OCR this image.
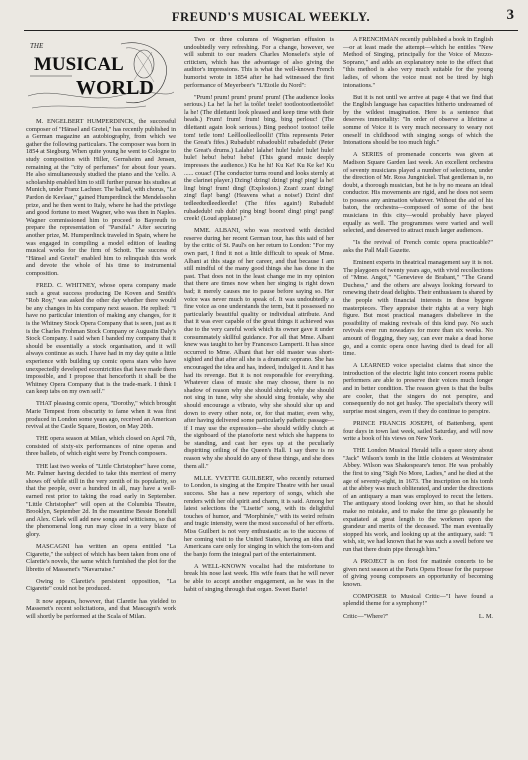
FREUND'S MUSICAL WEEKLY.	3
THE
MUSICAL
WORLD

M. ENGELBERT HUMPERDINCK, the successful composer of "Hänsel and Gretel," has recently published in a German magazine an autobiography, from which we gather the following particulars. The composer was born in 1854 at Siegburg. When quite young he went to Cologne to study composition with Hiller, Gernsheim and Jensen, remaining at the "city of perfumes" for about four years. He also simultaneously studied the piano and the 'cello. A scholarship enabled him to still further pursue his studies at Munich, under Franz Lachner. The ballad, with chorus, "Le Pardon de Kevlaar," gained Humperdinck the Mendelssohn prize, and he then went to Italy, where he had the privilege and good fortune to meet Wagner, who was then in Naples. Wagner commissioned him to proceed to Bayreuth to prepare the representation of "Parsifal." After securing another prize, M. Humperdinck traveled in Spain, where he was engaged in compiling a model edition of leading musical works for the firm of Schott. The success of "Hänsel and Gretel" enabled him to relinquish this work and devote the whole of his time to instrumental composition.

FRED. C. WHITNEY, whose opera company made such a great success producing De Koven and Smith's "Rob Roy," was asked the other day whether there would be any changes in his company next season. He replied: "I have no particular intention of making any changes, for it is the Whitney Stock Opera Company that is seen, just as it is the Charles Frohman Stock Company or Augustin Daly's Stock Company. I said when I banded my company that it should be essentially a stock organisation, and it will always continue as such. I have had in my day quite a little experience with building up comic opera stars who have unexpectedly developed eccentricities that have made them impossible, and I propose that henceforth it shall be the Whitney Opera Company that is the trade-mark. I think I can keep tabs on my own self."

THAT pleasing comic opera, "Dorothy," which brought Marie Tempest from obscurity to fame when it was first produced in London some years ago, received an American revival at the Castle Square, Boston, on May 20th.

THE opera season at Milan, which closed on April 7th, consisted of sixty-six performances of nine operas and three ballets, of which eight were by French composers.

THE last two weeks of "Little Christopher" have come, Mr. Palmer having decided to take this merriest of merry shows off while still in the very zenith of its popularity, so that the people, over a hundred in all, may have a well-earned rest prior to taking the road early in September. "Little Christopher" will open at the Columbia Theatre, Brooklyn, September 2d. In the meantime Bessie Bonehill and Alex. Clark will add new songs and witticisms, so that the phenomenal long run may close in a very blaze of glory.

MASCAGNI has written an opera entitled "La Cigarette," the subject of which has been taken from one of Claretie's novels, the same which furnished the plot for the libretto of Massenet's "Navarraise."

Owing to Claretie's persistent opposition, "La Cigarette" could not be produced.

It now appears, however, that Claretie has yielded to Massenet's recent solicitations, and that Mascagni's work will shortly be performed at the Scala of Milan.

Two or three columns of Wagnerian effusion is undoubtedly very refreshing. For a change, however, we will submit to our readers Charles Monselet's style of criticism, which has the advantage of also giving the auditor's impressions. This is what the well-known French humorist wrote in 1854 after he had witnessed the first performance of Meyerbeer's "L'Etoile du Nord":

"Prum! prum! prum! prum! prum! (The audience looks serious.) La he! la he! la toôle! teele! tootlootootleetoôle! la he! (The dilettanti look pleased and keep time with their heads.) Frum! frum! frum! bing, bing perlouc! (The dilettanti again look serious.) Bing peehoo! tootoo! teêle tom! tetle tom! Leêlloolleelloolli! (This represents Peter the Great's fifes.) Rubadub! rubadoubli! rubadedub! (Peter the Great's drums.) Lalahe! lalahe! hule! hule! hule! hule! hule! hebu! hebu! hebu! (This grand music deeply impresses the audience.) Ku he hi! Ku Ke! Ku Ke ke! Ku ...... couac! (The conductor turns round and looks sternly at the clarinet player.) Dzing! dzing! dzing! ping! ping! la he! ling! bing! frum! ding! (Explosion.) Zzan! zzan! dzing! zing! flap! bang! (Heavens what a noise!) Dzin! din! tedleedtedleedleedle! (The fifes again!) Rubadub! rubadedub! rub dub! ping bing! boom! ding! ping! pang! creek! (Loud applause)."

MME. ALBANI, who was received with decided reserve during her recent German tour, has this said of her by the critic of St. Paul's on her return to London: "For my own part, I find it not a little difficult to speak of Mme. Albani at this stage of her career, and that because I am still mindful of the many good things she has done in the past. That does not in the least change me in my opinion that there are times now when her singing is right down bad; it merely causes me to pause before saying so. Her voice was never much to speak of. It was undoubtedly a fine voice as one understands the term, but it possessed no particularly beautiful quality or individual attribute. And that it was ever capable of the great things it achieved was due to the very careful work which its owner gave it under consummately skillful guidance. For all that Mme. Albani knew was taught to her by Francesco Lamperti. It has since occurred to Mme. Albani that her old master was short-sighted and that after all she is a dramatic soprano. She has encouraged the idea and has, indeed, indulged it. And it has had its revenge. But it is not responsible for everything. Whatever class of music she may choose, there is no shadow of reason why she should shriek; why she should not sing in tune, why she should sing frontale, why she should encourage a vibrato, why she should slur up and down to every other note, or, for that matter, even why, after having delivered some particularly pathetic passage—if I may use the expression—she should wildly clutch at the signboard of the pianoforte next which she happens to be standing, and cast her eyes up at the peculiarly dispiriting ceiling of the Queen's Hall. I say there is no reason why she should do any of these things, and she does them all."

MLLE. YVETTE GUILBERT, who recently returned to London, is singing at the Empire Theatre with her usual success. She has a new repertory of songs, which she renders with her old spirit and charm, it is said. Among her latest selections the "Lisette" song, with its delightful touches of humor, and "Morphinée," with its weird refrain and tragic intensity, were the most successful of her efforts. Miss Guilbert is not very enthusiastic as to the success of her coming visit to the United States, having an idea that Americans care only for singing in which the tom-tom and the banjo form the integral part of the entertainment.

A WELL-KNOWN vocalist had the misfortune to break his nose last week. His wife fears that he will never be able to accept another engagement, as he was in the habit of singing through that organ. Sweet Barie!

A FRENCHMAN recently published a book in English—or at least made the attempt—which he entitles "New Method of Singing, principally for the Voice of Mezzo-Soprano," and adds an explanatory note to the effect that "this method is also very much suitable for the young ladies, of whom the voice must not be tired by high intonations."

But it is not until we arrive at page 4 that we find that the English language has capacities hitherto undreamed of by the wildest imagination. Here is a sentence that deserves immortality: "In order of observe a lifetime a somme of Voice it is very much necessary to weary not oneself in childhood with singing songs of which the Intonations should be too much high."

A SERIES of promenade concerts was given at Madison Square Garden last week. An excellent orchestra of seventy musicians played a number of selections, under the direction of Mr. Ross Jungnickel. That gentleman is, no doubt, a thorough musician, but he is by no means an ideal conductor. His movements are rigid, and he does not seem to possess any animation whatever. Without the aid of his baton, the orchestra—composed of some of the best musicians in this city—would probably have played equally as well. The programmes were varied and well selected, and deserved to attract much larger audiences.

"Is the revival of French comic opera practicable?" asks the Pall Mall Gazette.

Eminent experts in theatrical management say it is not. The playgoers of twenty years ago, with vivid recollections of "Mme. Angot," "Genevieve de Brabant," "The Grand Duchess," and the others are always looking forward to renewing their dead delights. Their enthusiasm is shared by the people with financial interests in these bygone masterpieces. They appraise their rights at a very high figure. But most practical managers disbelieve in the possibility of making revivals of this kind pay. No such revivals ever run nowadays for more than six weeks. No amount of flogging, they say, can ever make a dead horse go, and a comic opera once having died is dead for all time.

A LEARNED voice specialist claims that since the introduction of the electric light into concert rooms public performers are able to preserve their voices much longer and in better condition. The reason given is that the bulbs are cooler, that the singers do not perspire, and consequently do not get husky. The specialist's theory will surprise most singers, even if they do continue to perspire.

PRINCE FRANCIS JOSEPH, of Battenberg, spent four days in town last week, sailed Saturday, and will now write a book of his views on New York.

THE London Musical Herald tells a queer story about "Jack" Wilson's tomb in the little cloisters at Westminster Abbey. Wilson was Shakespeare's tenor. He was probably the first to sing "Sigh No More, Ladies," and he died at the age of seventy-eight, in 1673. The inscription on his tomb at the abbey was much obliterated, and under the directions of an antiquary a man was employed to recut the letters. The antiquary stood looking over him, so that he should make no mistake, and to make the time go pleasantly he expatiated at great length to the workmen upon the grandeur and merits of the deceased. The man eventually stopped his work, and looking up at the antiquary, said: "I wish, sir, we had known that he was such a swell before we run that there drain pipe through him."

A PROJECT is on foot for matinée concerts to be given next season at the Paris Opera House for the purpose of giving young composers an opportunity of becoming known.

COMPOSER to Musical Critic—"I have found a splendid theme for a symphony!"

Critic—"Where?"	L. M.
